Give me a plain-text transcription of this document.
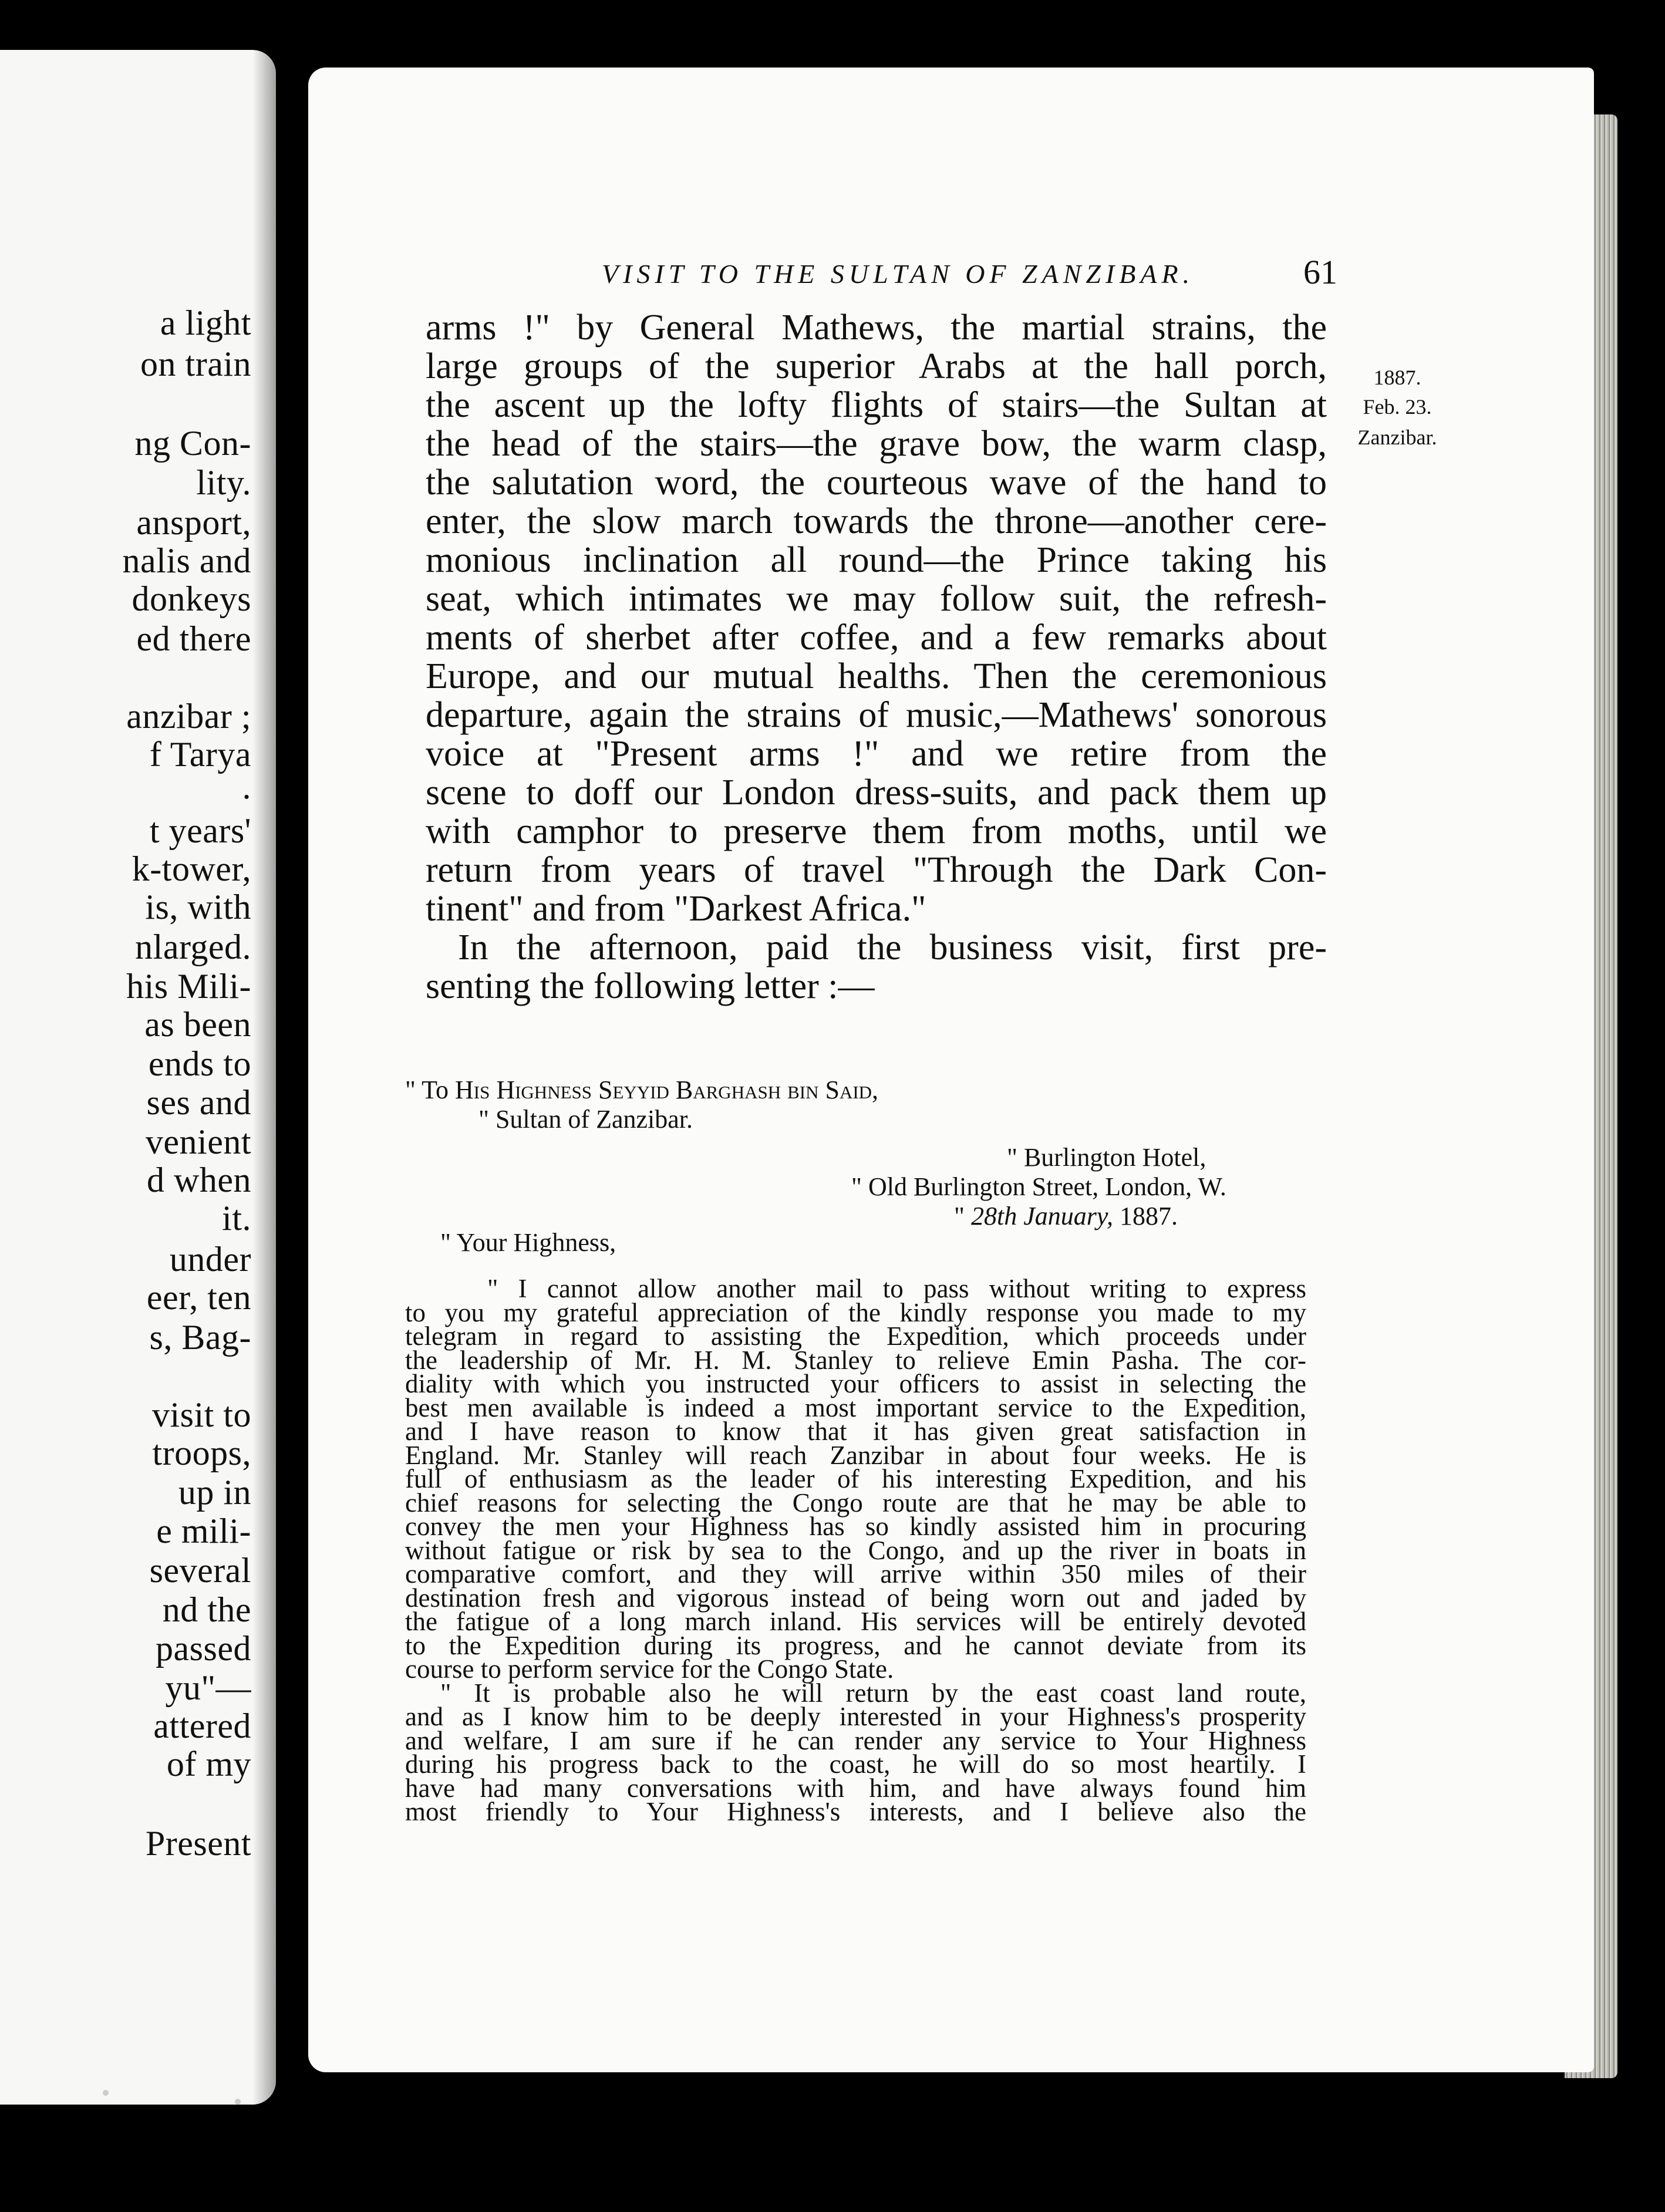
a light
on train
ng Con-
lity.
ansport,
nalis and
donkeys
ed there
anzibar ;
f Tarya
.
t years'
k-tower,
is, with
nlarged.
his Mili-
as been
ends to
ses and
venient
d when
it.
under
eer, ten
s, Bag-
visit to
troops,
up in
e mili-
several
nd the
passed
yu"—
attered
of my
Present
VISIT TO THE SULTAN OF ZANZIBAR.	61
1887.
Feb. 23.
Zanzibar.
arms !" by General Mathews, the martial strains, the
large groups of the superior Arabs at the hall porch,
the ascent up the lofty flights of stairs—the Sultan at
the head of the stairs—the grave bow, the warm clasp,
the salutation word, the courteous wave of the hand to
enter, the slow march towards the throne—another cere-
monious inclination all round—the Prince taking his
seat, which intimates we may follow suit, the refresh-
ments of sherbet after coffee, and a few remarks about
Europe, and our mutual healths. Then the ceremonious
departure, again the strains of music,—Mathews' sonorous
voice at "Present arms !" and we retire from the
scene to doff our London dress-suits, and pack them up
with camphor to preserve them from moths, until we
return from years of travel "Through the Dark Con-
tinent" and from "Darkest Africa."
In the afternoon, paid the business visit, first pre-
senting the following letter :—
" To His Highness Seyyid Barghash bin Said,
" Sultan of Zanzibar.
" Burlington Hotel,
" Old Burlington Street, London, W.
" 28th January, 1887.
" Your Highness,
" I cannot allow another mail to pass without writing to express
to you my grateful appreciation of the kindly response you made to my
telegram in regard to assisting the Expedition, which proceeds under
the leadership of Mr. H. M. Stanley to relieve Emin Pasha. The cor-
diality with which you instructed your officers to assist in selecting the
best men available is indeed a most important service to the Expedition,
and I have reason to know that it has given great satisfaction in
England. Mr. Stanley will reach Zanzibar in about four weeks. He is
full of enthusiasm as the leader of his interesting Expedition, and his
chief reasons for selecting the Congo route are that he may be able to
convey the men your Highness has so kindly assisted him in procuring
without fatigue or risk by sea to the Congo, and up the river in boats in
comparative comfort, and they will arrive within 350 miles of their
destination fresh and vigorous instead of being worn out and jaded by
the fatigue of a long march inland. His services will be entirely devoted
to the Expedition during its progress, and he cannot deviate from its
course to perform service for the Congo State.
" It is probable also he will return by the east coast land route,
and as I know him to be deeply interested in your Highness's prosperity
and welfare, I am sure if he can render any service to Your Highness
during his progress back to the coast, he will do so most heartily. I
have had many conversations with him, and have always found him
most friendly to Your Highness's interests, and I believe also the
